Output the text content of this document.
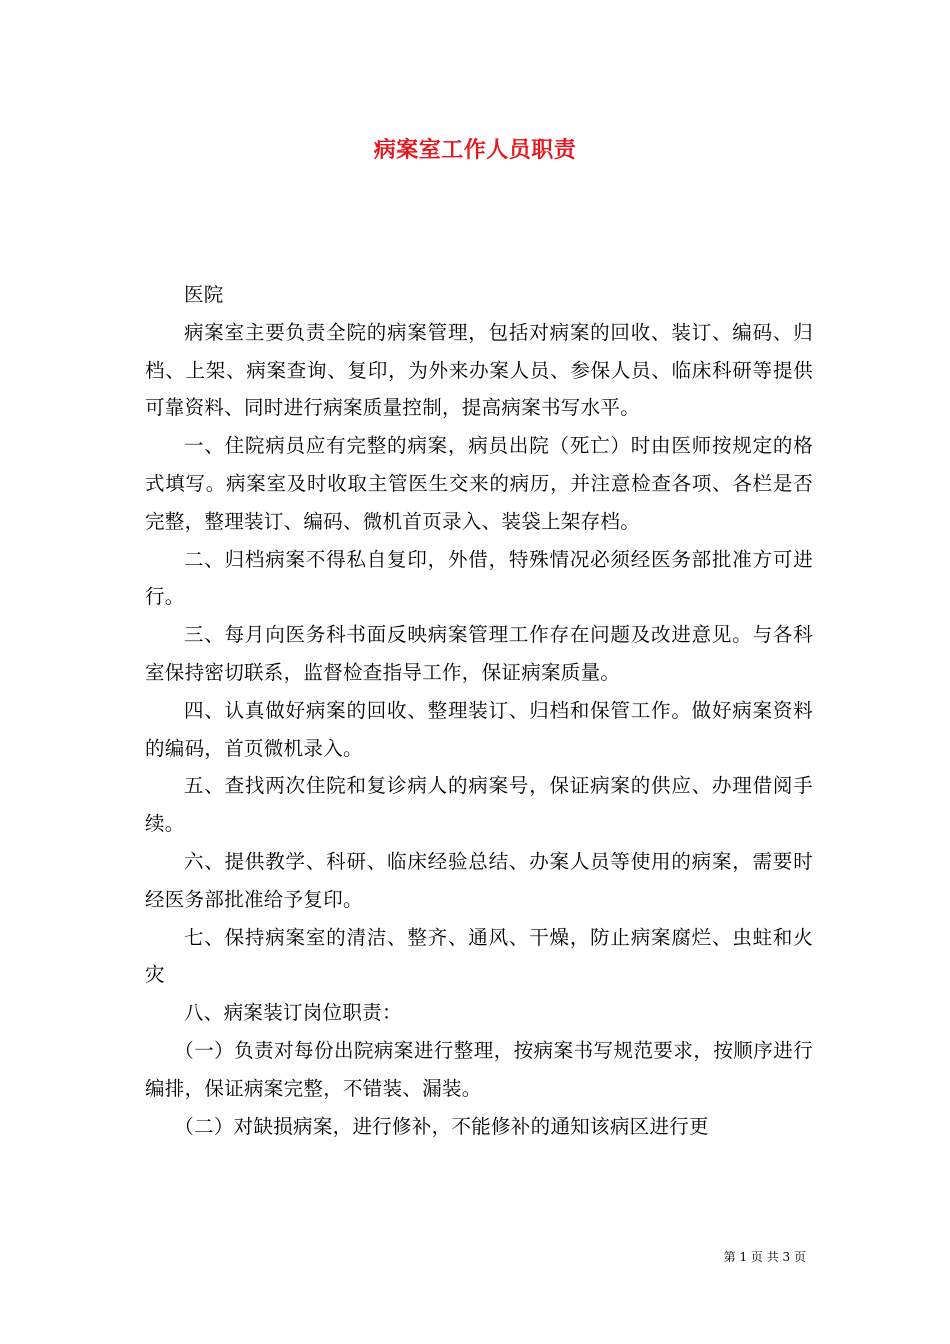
病案室工作人员职责

医院

病案室主要负责全院的病案管理，包括对病案的回收、装订、编码、归档、上架、病案查询、复印，为外来办案人员、参保人员、临床科研等提供可靠资料、同时进行病案质量控制，提高病案书写水平。

一、住院病员应有完整的病案，病员出院（死亡）时由医师按规定的格式填写。病案室及时收取主管医生交来的病历，并注意检查各项、各栏是否完整，整理装订、编码、微机首页录入、装袋上架存档。

二、归档病案不得私自复印，外借，特殊情况必须经医务部批准方可进行。

三、每月向医务科书面反映病案管理工作存在问题及改进意见。与各科室保持密切联系，监督检查指导工作，保证病案质量。

四、认真做好病案的回收、整理装订、归档和保管工作。做好病案资料的编码，首页微机录入。

五、查找两次住院和复诊病人的病案号，保证病案的供应、办理借阅手续。

六、提供教学、科研、临床经验总结、办案人员等使用的病案，需要时经医务部批准给予复印。

七、保持病案室的清洁、整齐、通风、干燥，防止病案腐烂、虫蛀和火灾

八、病案装订岗位职责：

（一）负责对每份出院病案进行整理，按病案书写规范要求，按顺序进行编排，保证病案完整，不错装、漏装。

（二）对缺损病案，进行修补，不能修补的通知该病区进行更

第 1 页 共 3 页
